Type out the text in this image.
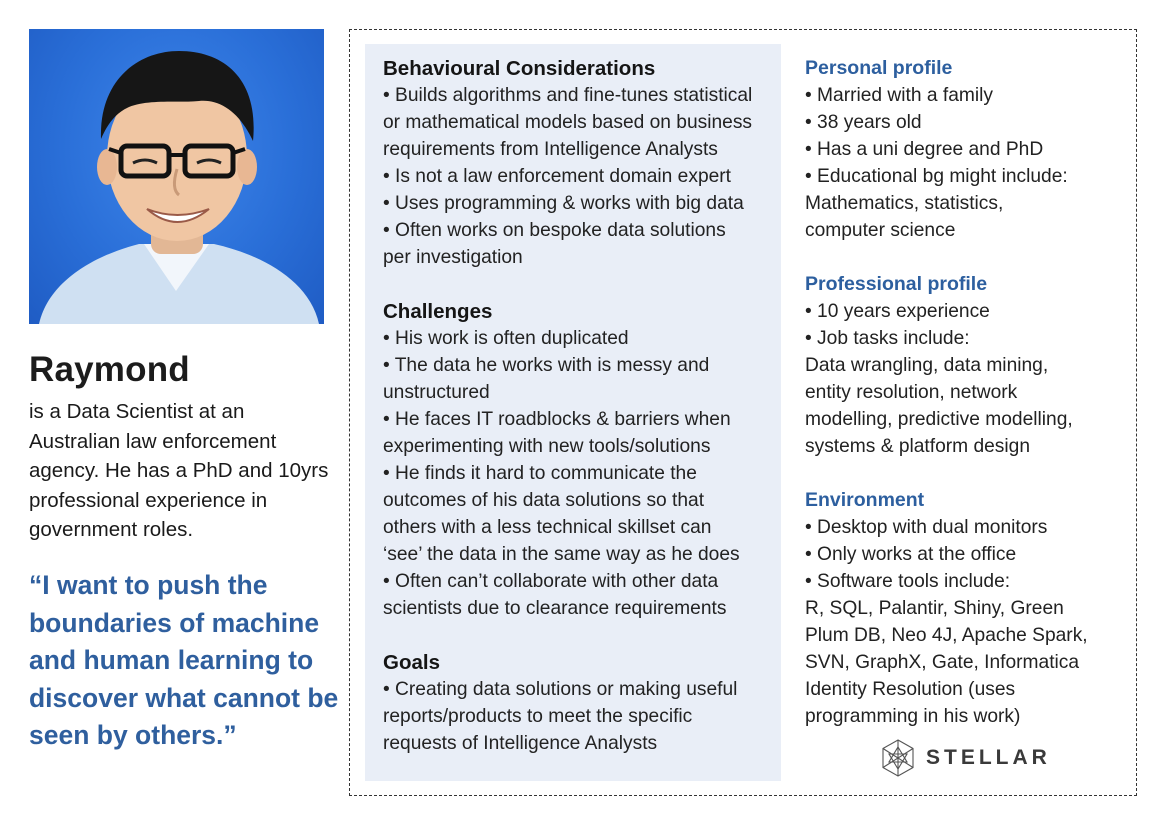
Raymond

is a Data Scientist at an Australian law enforcement agency. He has a PhD and 10yrs professional experience in government roles.

“I want to push the boundaries of machine and human learning to discover what cannot be seen by others.”

Behavioural Considerations

• Builds algorithms and fine-tunes statistical

or mathematical models based on business

requirements from Intelligence Analysts

• Is not a law enforcement domain expert

• Uses programming & works with big data

• Often works on bespoke data solutions

per investigation

Challenges

• His work is often duplicated

• The data he works with is messy and

unstructured

• He faces IT roadblocks & barriers when

experimenting with new tools/solutions

• He finds it hard to communicate the

outcomes of his data solutions so that

others with a less technical skillset can

‘see’ the data in the same way as he does

• Often can’t collaborate with other data

scientists due to clearance requirements

Goals

• Creating data solutions or making useful

reports/products to meet the specific

requests of Intelligence Analysts

Personal profile

• Married with a family

• 38 years old

• Has a uni degree and PhD

• Educational bg might include:

Mathematics, statistics,

computer science

Professional profile

• 10 years experience

• Job tasks include:

Data wrangling, data mining,

entity resolution, network

modelling, predictive modelling,

systems & platform design

Environment

• Desktop with dual monitors

• Only works at the office

• Software tools include:

R, SQL, Palantir, Shiny, Green

Plum DB, Neo 4J, Apache Spark,

SVN, GraphX, Gate, Informatica

Identity Resolution (uses

programming in his work)

STELLAR
